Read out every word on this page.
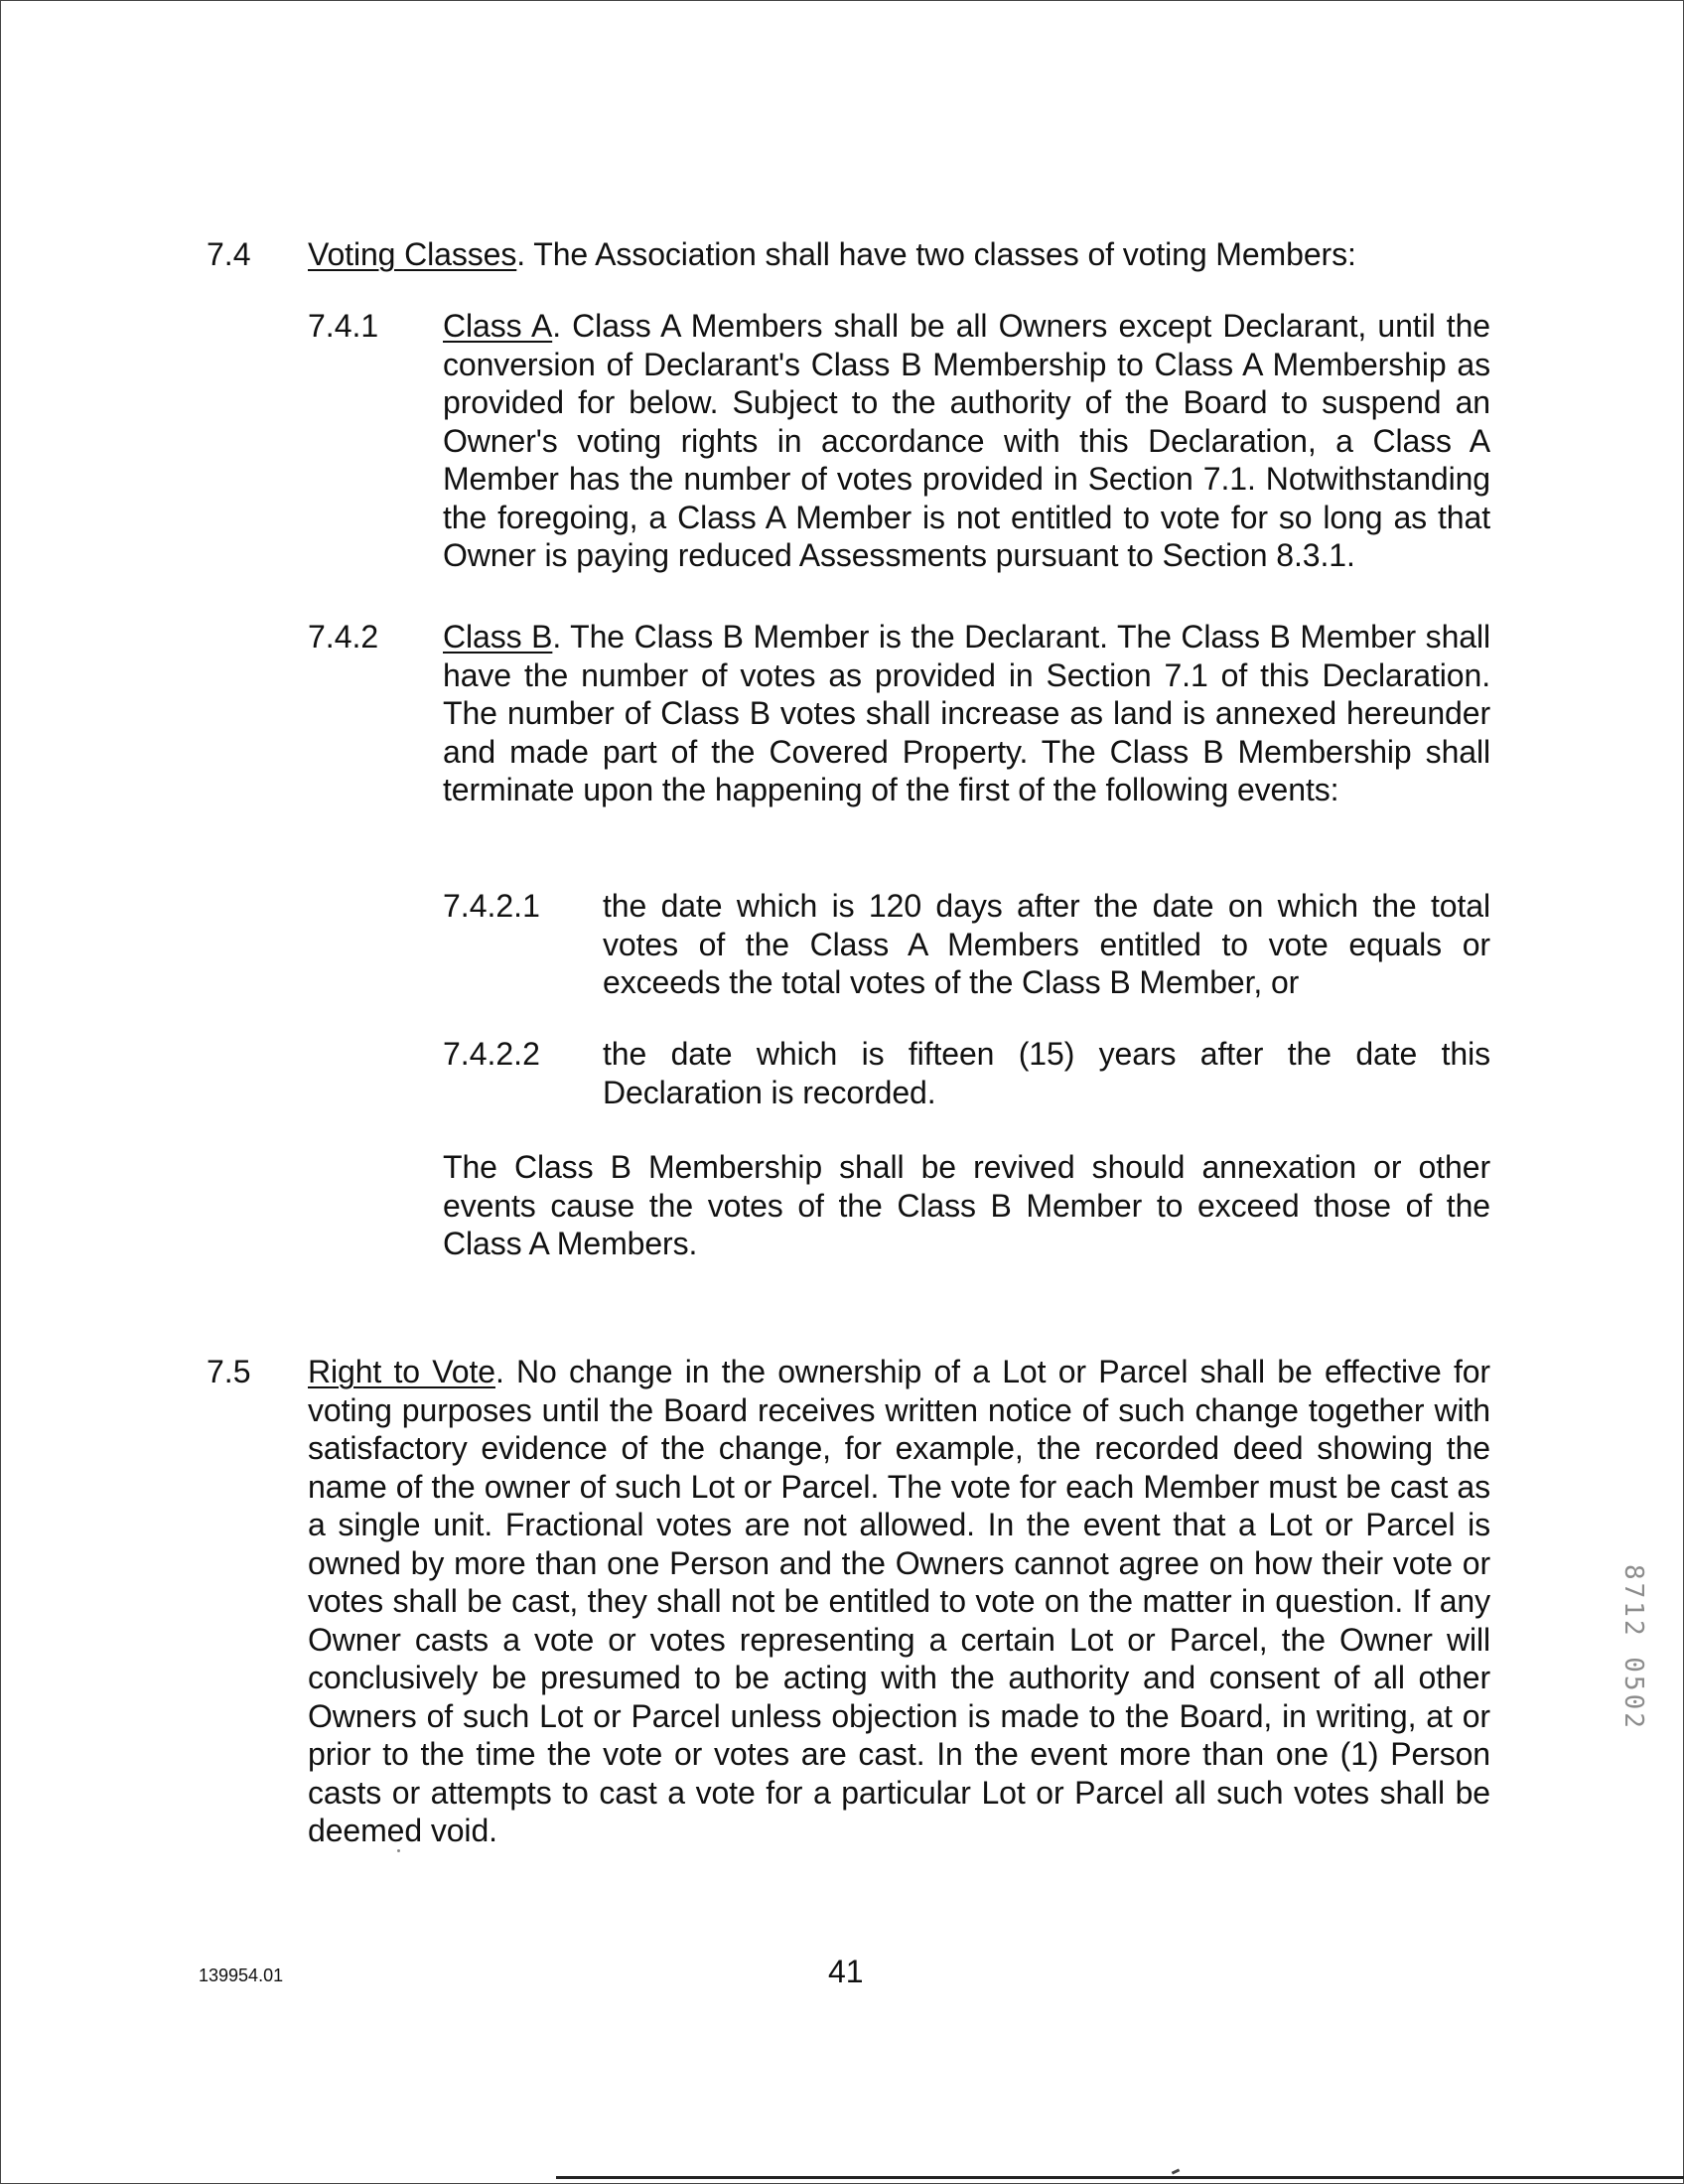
7.4 Voting Classes. The Association shall have two classes of voting Members:
7.4.1 Class A. Class A Members shall be all Owners except Declarant, until the conversion of Declarant's Class B Membership to Class A Membership as provided for below. Subject to the authority of the Board to suspend an Owner's voting rights in accordance with this Declaration, a Class A Member has the number of votes provided in Section 7.1. Notwithstanding the foregoing, a Class A Member is not entitled to vote for so long as that Owner is paying reduced Assessments pursuant to Section 8.3.1.
7.4.2 Class B. The Class B Member is the Declarant. The Class B Member shall have the number of votes as provided in Section 7.1 of this Declaration. The number of Class B votes shall increase as land is annexed hereunder and made part of the Covered Property. The Class B Membership shall terminate upon the happening of the first of the following events:
7.4.2.1 the date which is 120 days after the date on which the total votes of the Class A Members entitled to vote equals or exceeds the total votes of the Class B Member, or
7.4.2.2 the date which is fifteen (15) years after the date this Declaration is recorded.
The Class B Membership shall be revived should annexation or other events cause the votes of the Class B Member to exceed those of the Class A Members.
7.5 Right to Vote. No change in the ownership of a Lot or Parcel shall be effective for voting purposes until the Board receives written notice of such change together with satisfactory evidence of the change, for example, the recorded deed showing the name of the owner of such Lot or Parcel. The vote for each Member must be cast as a single unit. Fractional votes are not allowed. In the event that a Lot or Parcel is owned by more than one Person and the Owners cannot agree on how their vote or votes shall be cast, they shall not be entitled to vote on the matter in question. If any Owner casts a vote or votes representing a certain Lot or Parcel, the Owner will conclusively be presumed to be acting with the authority and consent of all other Owners of such Lot or Parcel unless objection is made to the Board, in writing, at or prior to the time the vote or votes are cast. In the event more than one (1) Person casts or attempts to cast a vote for a particular Lot or Parcel all such votes shall be deemed void.
8712 0502
139954.01	41
